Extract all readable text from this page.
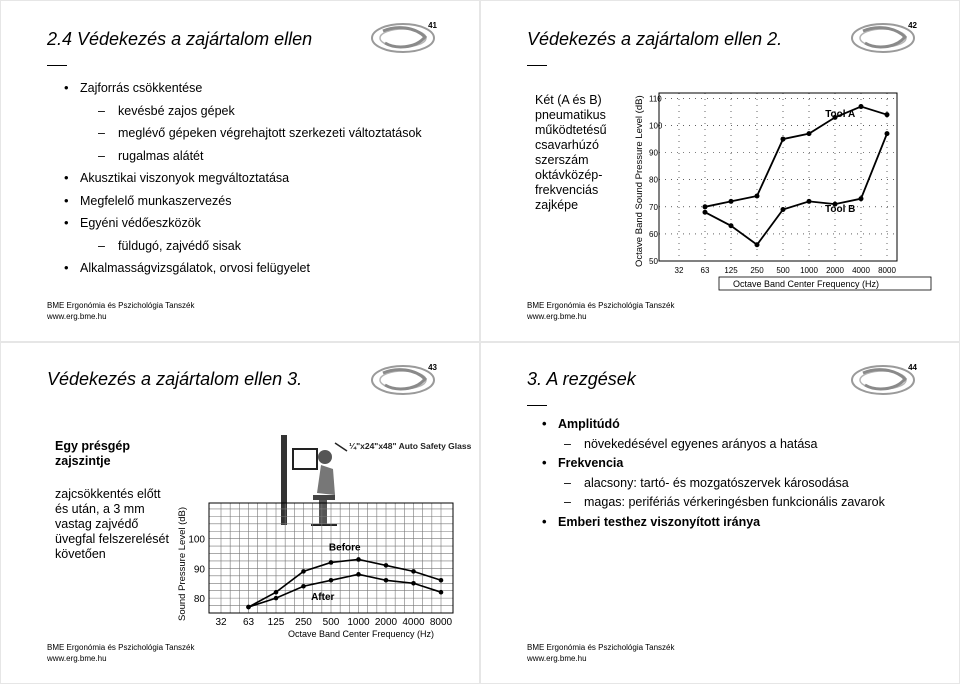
2.4 Védekezés a zajártalom ellen
41
• Zajforrás csökkentése
– kevésbé zajos gépek
– meglévő gépeken végrehajtott szerkezeti változtatások
– rugalmas alátét
• Akusztikai viszonyok megváltoztatása
• Megfelelő munkaszervezés
• Egyéni védőeszközök
– füldugó, zajvédő sisak
• Alkalmasságvizsgálatok, orvosi felügyelet
BME Ergonómia és Pszichológia Tanszék
www.erg.bme.hu
Védekezés a zajártalom ellen 2.
42
Két (A és B) pneumatikus működtetésű csavarhúzó szerszám oktávközép-frekvenciás zajképe
50
60
70
80
90
100
110
32 63 125 250 500 1000 2000 4000 8000
Octave Band Center Frequency (Hz)
Octave Band Sound Pressure Level (dB)	Tool A
Tool B
BME Ergonómia és Pszichológia Tanszék
www.erg.bme.hu
Védekezés a zajártalom ellen 3.
43
Egy présgép zajszintje
zajcsökkentés előtt és után, a 3 mm vastag zajvédő üvegfal felszerelését követően
¼"x24"x48" Auto Safety Glass
80
90
100
32 63 125 250 500 1000 2000 4000 8000
Octave Band Center Frequency (Hz)
Sound Pressure Level (dB)	Before
After
BME Ergonómia és Pszichológia Tanszék
www.erg.bme.hu
3. A rezgések
44
• Amplitúdó
– növekedésével egyenes arányos a hatása
• Frekvencia
– alacsony: tartó- és mozgatószervek károsodása
– magas: perifériás vérkeringésben funkcionális zavarok
• Emberi testhez viszonyított iránya
BME Ergonómia és Pszichológia Tanszék
www.erg.bme.hu
